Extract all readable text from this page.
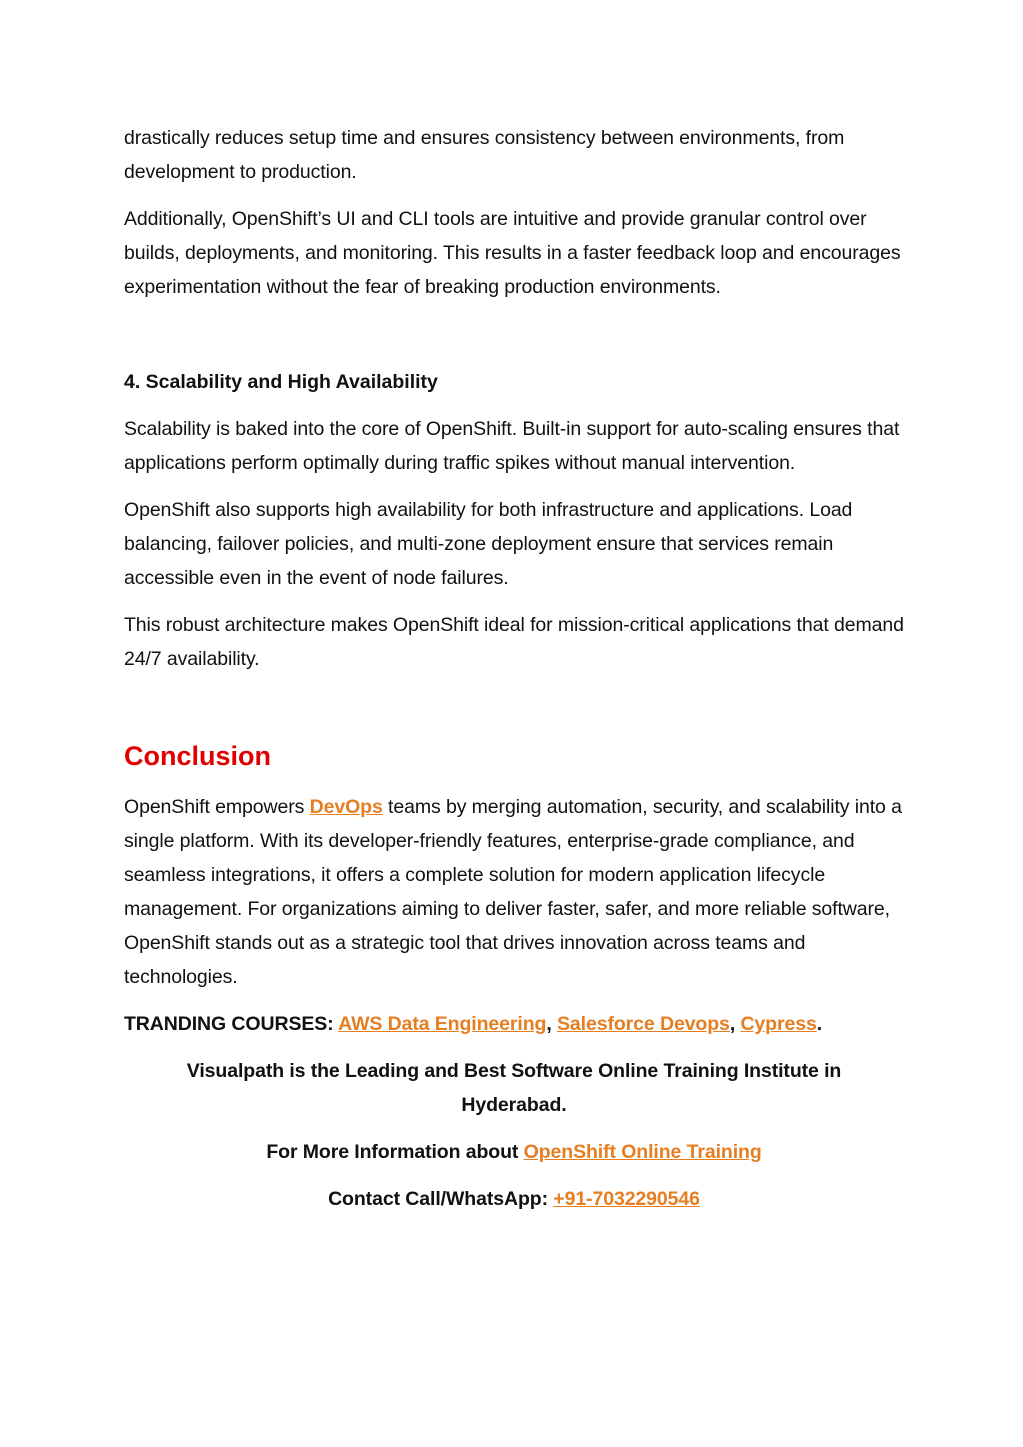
drastically reduces setup time and ensures consistency between environments, from development to production.

Additionally, OpenShift’s UI and CLI tools are intuitive and provide granular control over builds, deployments, and monitoring. This results in a faster feedback loop and encourages experimentation without the fear of breaking production environments.

4. Scalability and High Availability

Scalability is baked into the core of OpenShift. Built-in support for auto-scaling ensures that applications perform optimally during traffic spikes without manual intervention.

OpenShift also supports high availability for both infrastructure and applications. Load balancing, failover policies, and multi-zone deployment ensure that services remain accessible even in the event of node failures.

This robust architecture makes OpenShift ideal for mission-critical applications that demand 24/7 availability.

Conclusion

OpenShift empowers DevOps teams by merging automation, security, and scalability into a single platform. With its developer-friendly features, enterprise-grade compliance, and seamless integrations, it offers a complete solution for modern application lifecycle management. For organizations aiming to deliver faster, safer, and more reliable software, OpenShift stands out as a strategic tool that drives innovation across teams and technologies.

TRANDING COURSES: AWS Data Engineering, Salesforce Devops, Cypress.

Visualpath is the Leading and Best Software Online Training Institute in Hyderabad.

For More Information about OpenShift Online Training

Contact Call/WhatsApp: +91-7032290546
